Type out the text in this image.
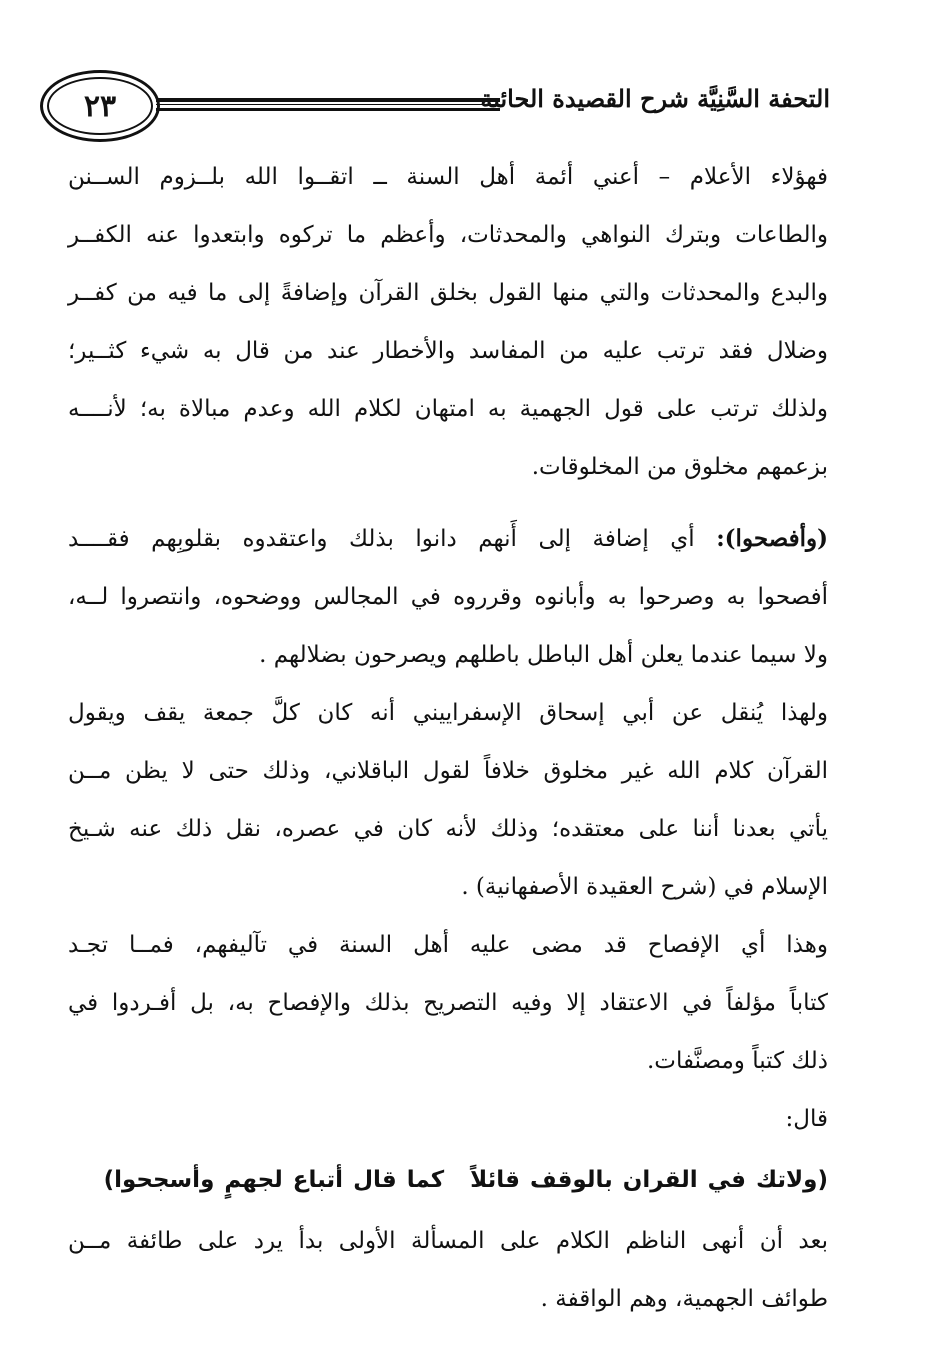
٢٣	التحفة السَّنِيَّة شرح القصيدة الحائية
فهؤلاء الأعلام – أعني أئمة أهل السنة ــ اتقــوا الله بلــزوم الســنن
والطاعات وبترك النواهي والمحدثات، وأعظم ما تركوه وابتعدوا عنه الكفــر
والبدع والمحدثات والتي منها القول بخلق القرآن وإضافةً إلى ما فيه من كفــر
وضلال فقد ترتب عليه من المفاسد والأخطار عند من قال به شيء كثــير؛
ولذلك ترتب على قول الجهمية به امتهان لكلام الله وعدم مبالاة به؛ لأنــــه
بزعمهم مخلوق من المخلوقات.
(وأفصحوا): أي إضافة إلى أَنهم دانوا بذلك واعتقدوه بقلوبِهم فقــــد
أفصحوا به وصرحوا به وأبانوه وقرروه في المجالس ووضحوه، وانتصروا لــه،
ولا سيما عندما يعلن أهل الباطل باطلهم ويصرحون بضلالهم .
ولهذا يُنقل عن أبي إسحاق الإسفراييني أنه كان كلَّ جمعة يقف ويقول
القرآن كلام الله غير مخلوق خلافاً لقول الباقلاني، وذلك حتى لا يظن مــن
يأتي بعدنا أننا على معتقده؛ وذلك لأنه كان في عصره، نقل ذلك عنه شـيخ
الإسلام في (شرح العقيدة الأصفهانية) .
وهذا أي الإفصاح قد مضى عليه أهل السنة في تآليفهم، فمــا تجـد
كتاباً مؤلفاً في الاعتقاد إلا وفيه التصريح بذلك والإفصاح به، بل أفـردوا في
ذلك كتباً ومصنَّفات.
قال:
(ولاتك في القران بالوقف قائلاًكما قال أتباع لجهمٍ وأسجحوا)
بعد أن أنهى الناظم الكلام على المسألة الأولى بدأ يرد على طائفة مــن
طوائف الجهمية، وهم الواقفة .
